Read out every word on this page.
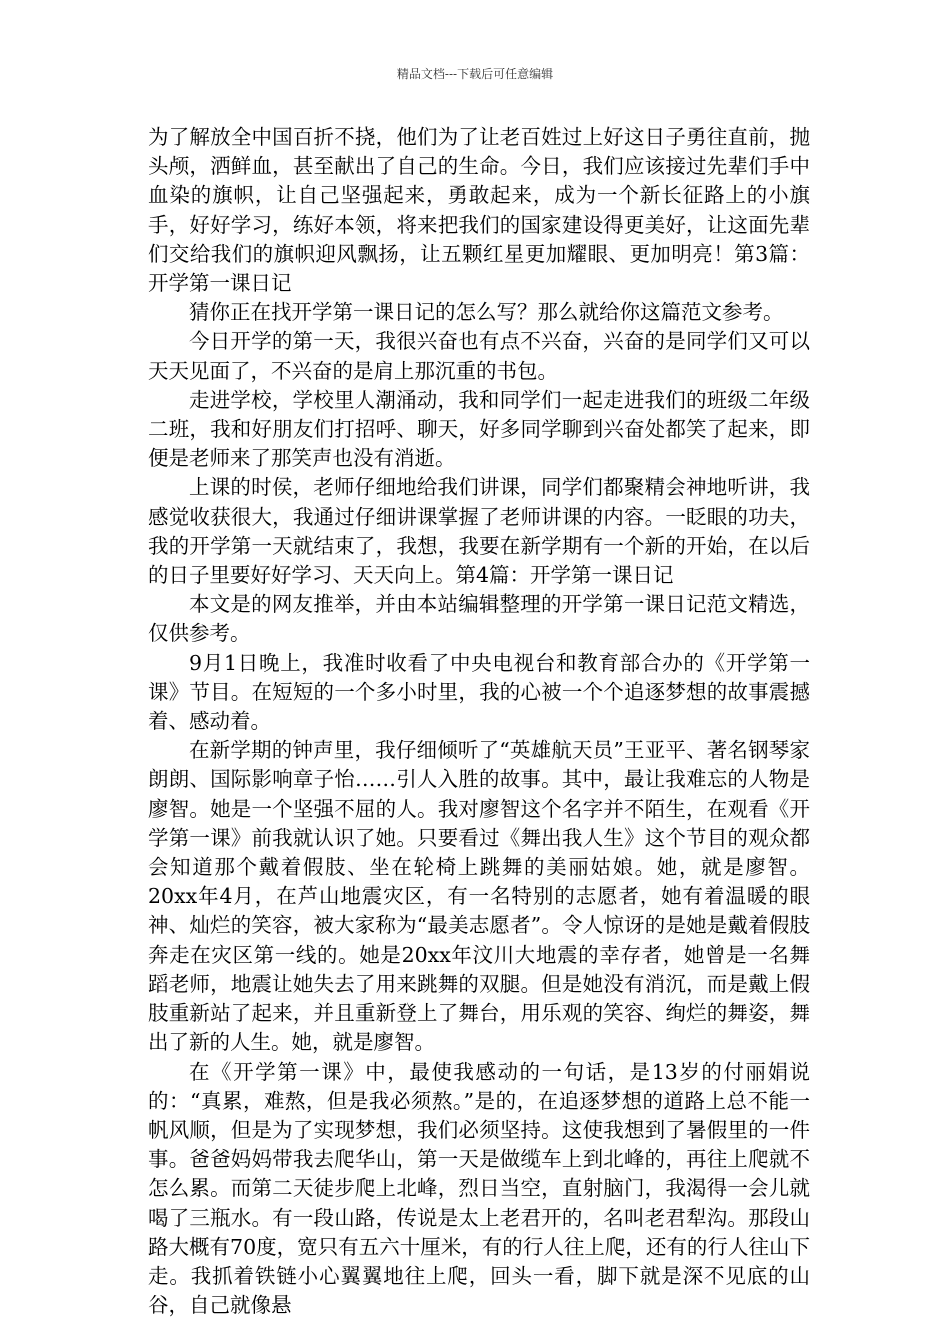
精品文档---下载后可任意编辑

为了解放全中国百折不挠，他们为了让老百姓过上好这日子勇往直前，抛头颅，洒鲜血，甚至献出了自己的生命。今日，我们应该接过先辈们手中血染的旗帜，让自己坚强起来，勇敢起来，成为一个新长征路上的小旗手，好好学习，练好本领，将来把我们的国家建设得更美好，让这面先辈们交给我们的旗帜迎风飘扬，让五颗红星更加耀眼、更加明亮！第3篇：开学第一课日记

猜你正在找开学第一课日记的怎么写？那么就给你这篇范文参考。

今日开学的第一天，我很兴奋也有点不兴奋，兴奋的是同学们又可以天天见面了，不兴奋的是肩上那沉重的书包。

走进学校，学校里人潮涌动，我和同学们一起走进我们的班级二年级二班，我和好朋友们打招呼、聊天，好多同学聊到兴奋处都笑了起来，即便是老师来了那笑声也没有消逝。

上课的时侯，老师仔细地给我们讲课，同学们都聚精会神地听讲，我感觉收获很大，我通过仔细讲课掌握了老师讲课的内容。一眨眼的功夫，我的开学第一天就结束了，我想，我要在新学期有一个新的开始，在以后的日子里要好好学习、天天向上。第4篇：开学第一课日记

本文是的网友推举，并由本站编辑整理的开学第一课日记范文精选，仅供参考。

9月1日晚上，我准时收看了中央电视台和教育部合办的《开学第一课》节目。在短短的一个多小时里，我的心被一个个追逐梦想的故事震撼着、感动着。

在新学期的钟声里，我仔细倾听了“英雄航天员”王亚平、著名钢琴家朗朗、国际影响章子怡……引人入胜的故事。其中，最让我难忘的人物是廖智。她是一个坚强不屈的人。我对廖智这个名字并不陌生，在观看《开学第一课》前我就认识了她。只要看过《舞出我人生》这个节目的观众都会知道那个戴着假肢、坐在轮椅上跳舞的美丽姑娘。她，就是廖智。20xx年4月，在芦山地震灾区，有一名特别的志愿者，她有着温暖的眼神、灿烂的笑容，被大家称为“最美志愿者”。令人惊讶的是她是戴着假肢奔走在灾区第一线的。她是20xx年汶川大地震的幸存者，她曾是一名舞蹈老师，地震让她失去了用来跳舞的双腿。但是她没有消沉，而是戴上假肢重新站了起来，并且重新登上了舞台，用乐观的笑容、绚烂的舞姿，舞出了新的人生。她，就是廖智。

在《开学第一课》中，最使我感动的一句话，是13岁的付丽娟说的：“真累，难熬，但是我必须熬。”是的，在追逐梦想的道路上总不能一帆风顺，但是为了实现梦想，我们必须坚持。这使我想到了暑假里的一件事。爸爸妈妈带我去爬华山，第一天是做缆车上到北峰的，再往上爬就不怎么累。而第二天徒步爬上北峰，烈日当空，直射脑门，我渴得一会儿就喝了三瓶水。有一段山路，传说是太上老君开的，名叫老君犁沟。那段山路大概有70度，宽只有五六十厘米，有的行人往上爬，还有的行人往山下走。我抓着铁链小心翼翼地往上爬，回头一看，脚下就是深不见底的山谷，自己就像悬
